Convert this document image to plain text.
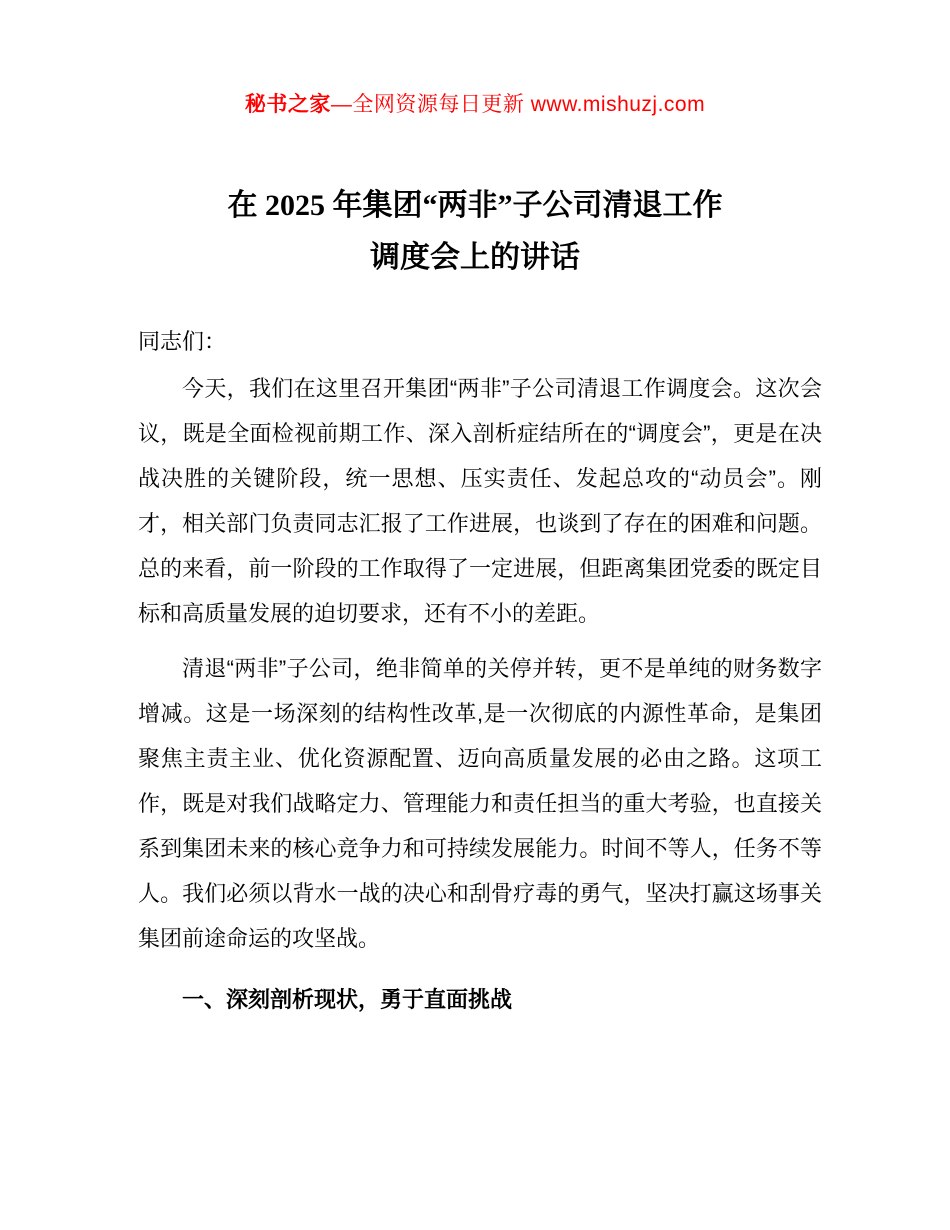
秘书之家—全网资源每日更新 www.mishuzj.com
在 2025 年集团“两非”子公司清退工作
调度会上的讲话

同志们：

今天，我们在这里召开集团“两非”子公司清退工作调度会。这次会议，既是全面检视前期工作、深入剖析症结所在的“调度会”，更是在决战决胜的关键阶段，统一思想、压实责任、发起总攻的“动员会”。刚才，相关部门负责同志汇报了工作进展，也谈到了存在的困难和问题。总的来看，前一阶段的工作取得了一定进展，但距离集团党委的既定目标和高质量发展的迫切要求，还有不小的差距。

清退“两非”子公司，绝非简单的关停并转，更不是单纯的财务数字增减。这是一场深刻的结构性改革,是一次彻底的内源性革命，是集团聚焦主责主业、优化资源配置、迈向高质量发展的必由之路。这项工作，既是对我们战略定力、管理能力和责任担当的重大考验，也直接关系到集团未来的核心竞争力和可持续发展能力。时间不等人，任务不等人。我们必须以背水一战的决心和刮骨疗毒的勇气，坚决打赢这场事关集团前途命运的攻坚战。

一、深刻剖析现状，勇于直面挑战
